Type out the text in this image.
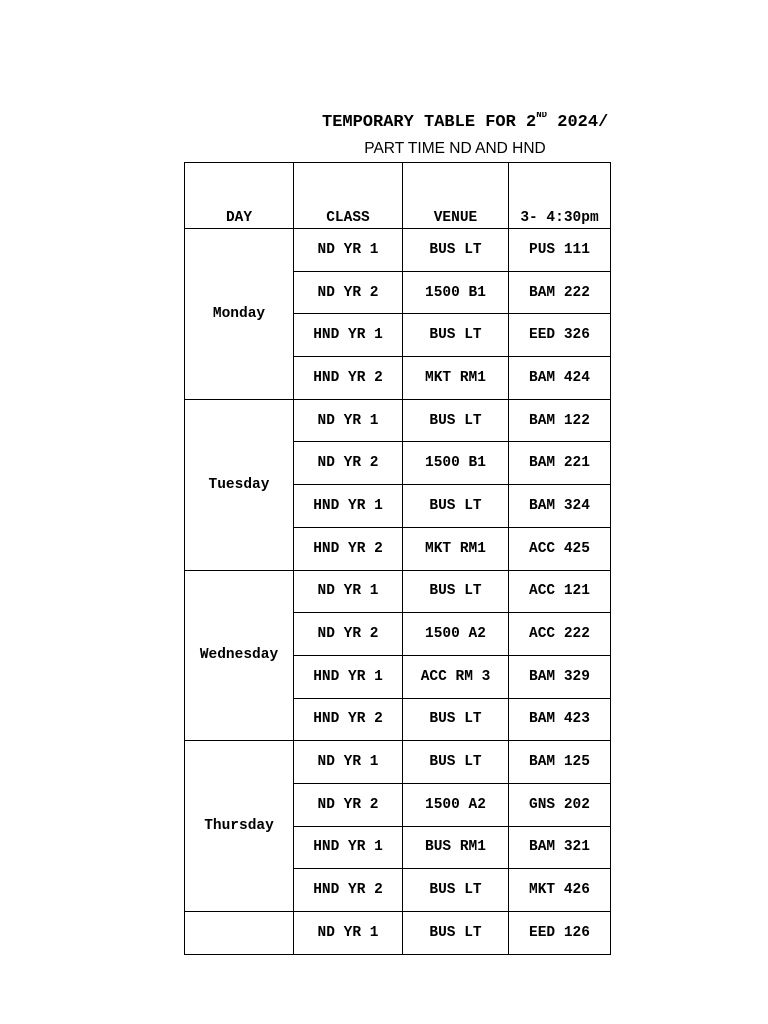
TEMPORARY TABLE FOR 2ND 2024/
PART TIME ND AND HND
DAY	CLASS	VENUE	3- 4:30pm
Monday	ND YR 1	BUS LT	PUS 111
	ND YR 2	1500 B1	BAM 222
	HND YR 1	BUS LT	EED 326
	HND YR 2	MKT RM1	BAM 424
Tuesday	ND YR 1	BUS LT	BAM 122
	ND YR 2	1500 B1	BAM 221
	HND YR 1	BUS LT	BAM 324
	HND YR 2	MKT RM1	ACC 425
Wednesday	ND YR 1	BUS LT	ACC 121
	ND YR 2	1500 A2	ACC 222
	HND YR 1	ACC RM 3	BAM 329
	HND YR 2	BUS LT	BAM 423
Thursday	ND YR 1	BUS LT	BAM 125
	ND YR 2	1500 A2	GNS 202
	HND YR 1	BUS RM1	BAM 321
	HND YR 2	BUS LT	MKT 426
	ND YR 1	BUS LT	EED 126
